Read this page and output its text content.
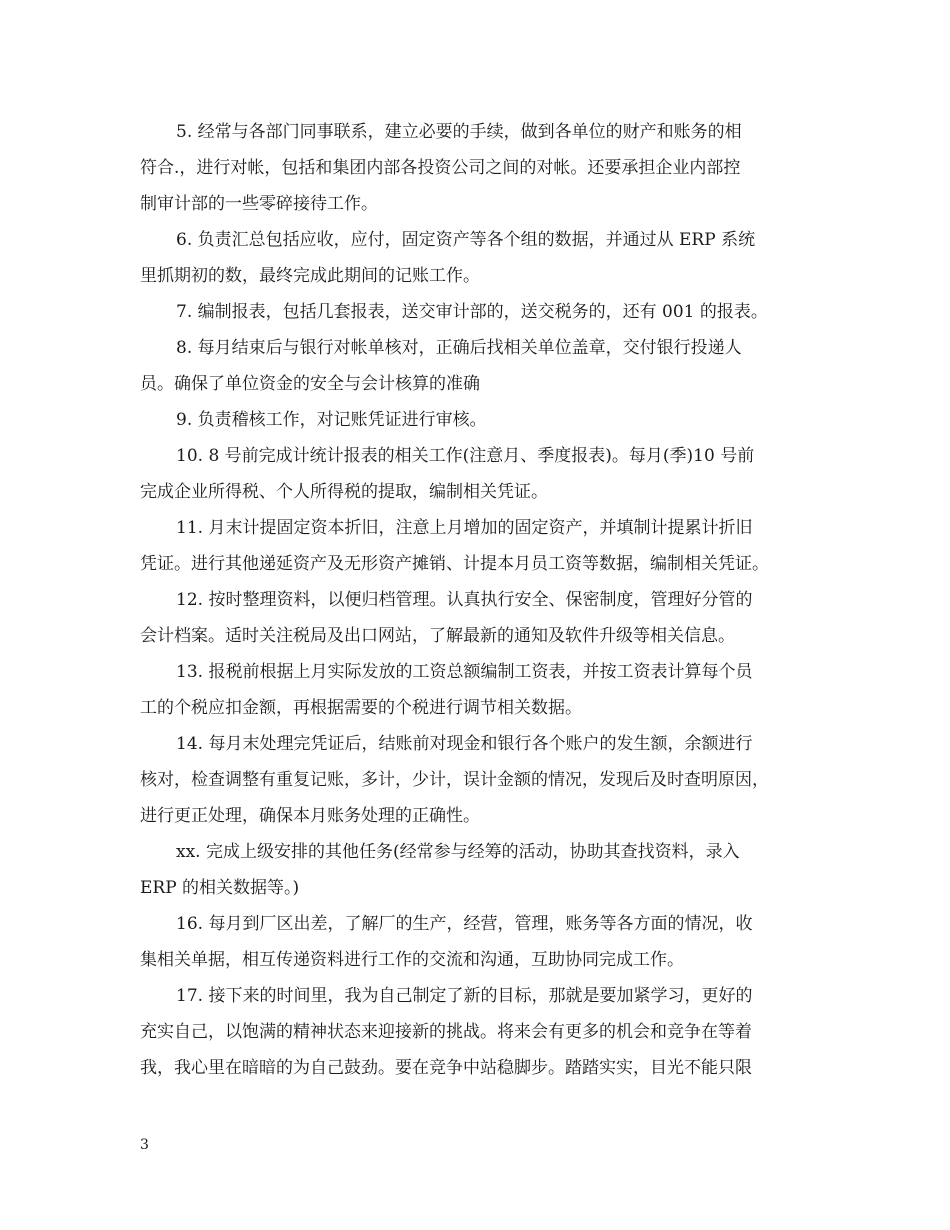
5. 经常与各部门同事联系，建立必要的手续，做到各单位的财产和账务的相
符合.，进行对帐，包括和集团内部各投资公司之间的对帐。还要承担企业内部控
制审计部的一些零碎接待工作。
6. 负责汇总包括应收，应付，固定资产等各个组的数据，并通过从 ERP 系统
里抓期初的数，最终完成此期间的记账工作。
7. 编制报表，包括几套报表，送交审计部的，送交税务的，还有 001 的报表。
8. 每月结束后与银行对帐单核对，正确后找相关单位盖章，交付银行投递人
员。确保了单位资金的安全与会计核算的准确
9. 负责稽核工作，对记账凭证进行审核。
10. 8 号前完成计统计报表的相关工作(注意月、季度报表)。每月(季)10 号前
完成企业所得税、个人所得税的提取，编制相关凭证。
11. 月末计提固定资本折旧，注意上月增加的固定资产，并填制计提累计折旧
凭证。进行其他递延资产及无形资产摊销、计提本月员工资等数据，编制相关凭证。
12. 按时整理资料，以便归档管理。认真执行安全、保密制度，管理好分管的
会计档案。适时关注税局及出口网站，了解最新的通知及软件升级等相关信息。
13. 报税前根据上月实际发放的工资总额编制工资表，并按工资表计算每个员
工的个税应扣金额，再根据需要的个税进行调节相关数据。
14. 每月末处理完凭证后，结账前对现金和银行各个账户的发生额，余额进行
核对，检查调整有重复记账，多计，少计，误计金额的情况，发现后及时查明原因，
进行更正处理，确保本月账务处理的正确性。
xx. 完成上级安排的其他任务(经常参与经筹的活动，协助其查找资料，录入
ERP 的相关数据等。)
16. 每月到厂区出差，了解厂的生产，经营，管理，账务等各方面的情况，收
集相关单据，相互传递资料进行工作的交流和沟通，互助协同完成工作。
17. 接下来的时间里，我为自己制定了新的目标，那就是要加紧学习，更好的
充实自己，以饱满的精神状态来迎接新的挑战。将来会有更多的机会和竞争在等着
我，我心里在暗暗的为自己鼓劲。要在竞争中站稳脚步。踏踏实实，目光不能只限
3
